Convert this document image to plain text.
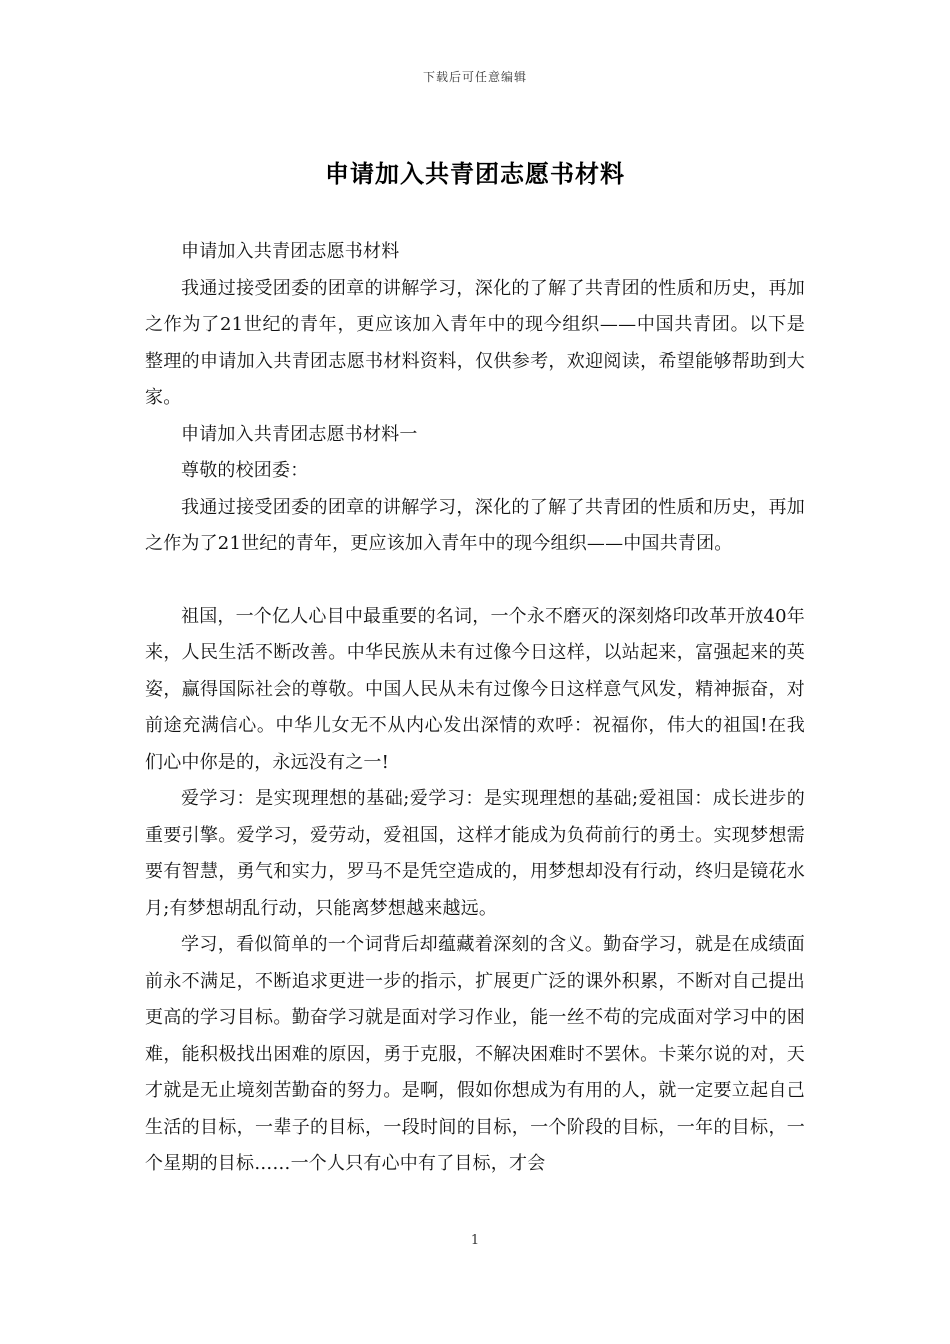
下载后可任意编辑
申请加入共青团志愿书材料

申请加入共青团志愿书材料

我通过接受团委的团章的讲解学习，深化的了解了共青团的性质和历史，再加之作为了21世纪的青年，更应该加入青年中的现今组织——中国共青团。以下是整理的申请加入共青团志愿书材料资料，仅供参考，欢迎阅读，希望能够帮助到大家。

申请加入共青团志愿书材料一

尊敬的校团委：

我通过接受团委的团章的讲解学习，深化的了解了共青团的性质和历史，再加之作为了21世纪的青年，更应该加入青年中的现今组织——中国共青团。

祖国，一个亿人心目中最重要的名词，一个永不磨灭的深刻烙印改革开放40年来，人民生活不断改善。中华民族从未有过像今日这样，以站起来，富强起来的英姿，赢得国际社会的尊敬。中国人民从未有过像今日这样意气风发，精神振奋，对前途充满信心。中华儿女无不从内心发出深情的欢呼：祝福你，伟大的祖国!在我们心中你是的，永远没有之一!

爱学习：是实现理想的基础;爱学习：是实现理想的基础;爱祖国：成长进步的重要引擎。爱学习，爱劳动，爱祖国，这样才能成为负荷前行的勇士。实现梦想需要有智慧，勇气和实力，罗马不是凭空造成的，用梦想却没有行动，终归是镜花水月;有梦想胡乱行动，只能离梦想越来越远。

学习，看似简单的一个词背后却蕴藏着深刻的含义。勤奋学习，就是在成绩面前永不满足，不断追求更进一步的指示，扩展更广泛的课外积累，不断对自己提出更高的学习目标。勤奋学习就是面对学习作业，能一丝不苟的完成面对学习中的困难，能积极找出困难的原因，勇于克服，不解决困难时不罢休。卡莱尔说的对，天才就是无止境刻苦勤奋的努力。是啊，假如你想成为有用的人，就一定要立起自己生活的目标，一辈子的目标，一段时间的目标，一个阶段的目标，一年的目标，一个星期的目标……一个人只有心中有了目标，才会

1
